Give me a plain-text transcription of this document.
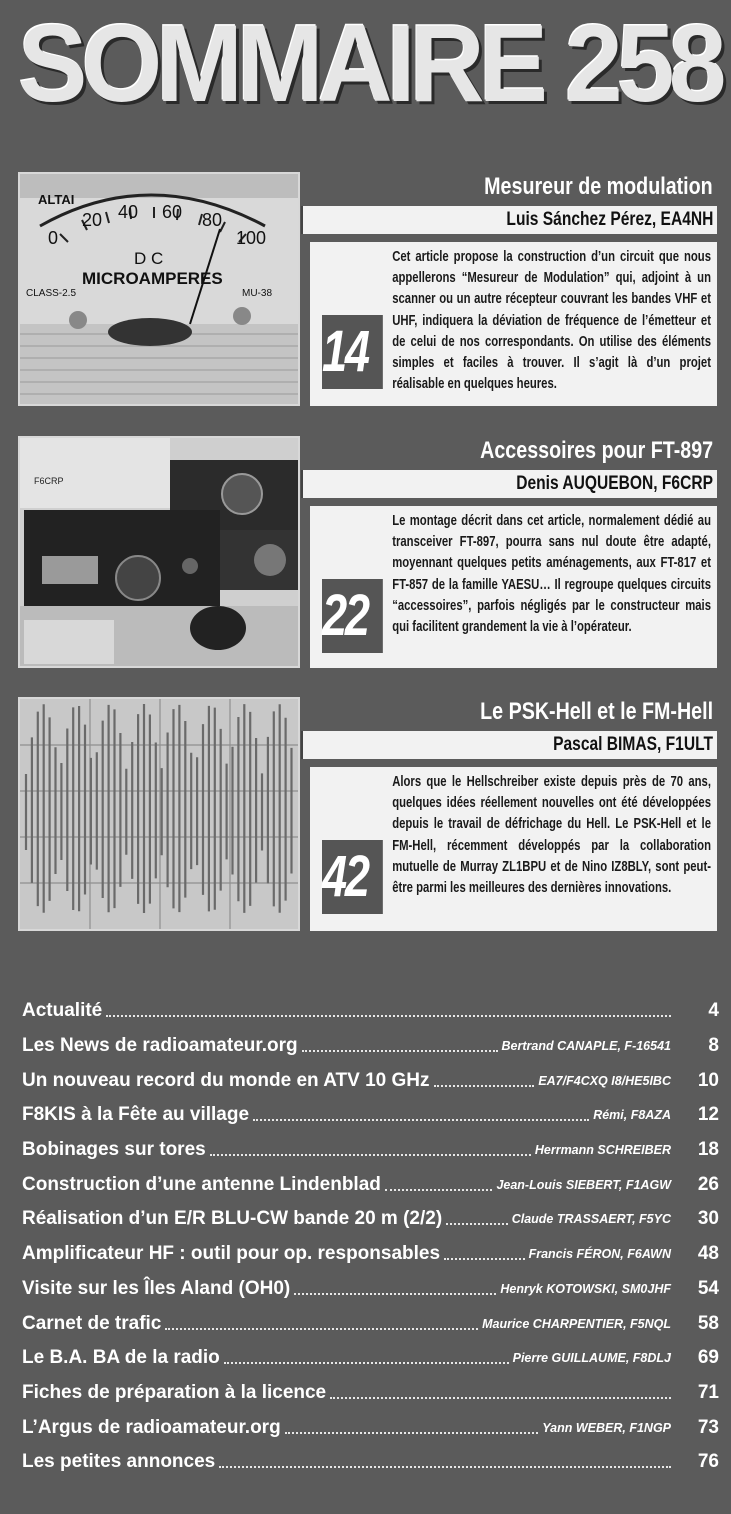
SOMMAIRE 258
ALTAI
0
20 40 60 80
100
D C
MICROAMPERES
CLASS-2.5	MU-38
Mesureur de modulation
Luis Sánchez Pérez, EA4NH
14
Cet article propose la construction d’un circuit que nous appellerons “Mesureur de Modulation” qui, adjoint à un scanner ou un autre récepteur couvrant les bandes VHF et UHF, indiquera la déviation de fréquence de l’émetteur et de celui de nos correspondants. On utilise des éléments simples et faciles à trouver. Il s’agit là d’un projet réalisable en quelques heures.
F6CRP
Accessoires pour FT-897
Denis AUQUEBON, F6CRP
22
Le montage décrit dans cet article, normalement dédié au transceiver FT-897, pourra sans nul doute être adapté, moyennant quelques petits aménagements, aux FT-817 et FT-857 de la famille YAESU… Il regroupe quelques circuits “accessoires”, parfois négligés par le constructeur mais qui facilitent grandement la vie à l’opérateur.
Le PSK-Hell et le FM-Hell
Pascal BIMAS, F1ULT
42
Alors que le Hellschreiber existe depuis près de 70 ans, quelques idées réellement nouvelles ont été développées depuis le travail de défrichage du Hell. Le PSK-Hell et le FM-Hell, récemment développés par la collaboration mutuelle de Murray ZL1BPU et de Nino IZ8BLY, sont peut-être parmi les meilleures des dernières innovations.
Actualité	4
Les News de radioamateur.org	Bertrand CANAPLE, F-16541	8
Un nouveau record du monde en ATV 10 GHz	EA7/F4CXQ I8/HE5IBC	10
F8KIS à la Fête au village	Rémi, F8AZA	12
Bobinages sur tores	Herrmann SCHREIBER	18
Construction d’une antenne Lindenblad	Jean-Louis SIEBERT, F1AGW	26
Réalisation d’un E/R BLU-CW bande 20 m (2/2)	Claude TRASSAERT, F5YC	30
Amplificateur HF : outil pour op. responsables	Francis FÉRON, F6AWN	48
Visite sur les Îles Aland (OH0)	Henryk KOTOWSKI, SM0JHF	54
Carnet de trafic	Maurice CHARPENTIER, F5NQL	58
Le B.A. BA de la radio	Pierre GUILLAUME, F8DLJ	69
Fiches de préparation à la licence	71
L’Argus de radioamateur.org	Yann WEBER, F1NGP	73
Les petites annonces	76
